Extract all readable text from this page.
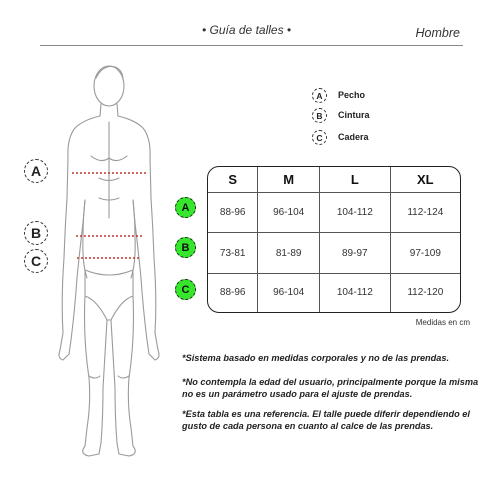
• Guía de talles •	Hombre
A
B
C
A	Pecho
B	Cintura
C	Cadera
A
B
C
S	M	L	XL
88-96	96-104	104-112	112-124
73-81	81-89	89-97	97-109
88-96	96-104	104-112	112-120
Medidas en cm
*Sistema basado en medidas corporales y no de las prendas.
*No contempla la edad del usuario, principalmente porque la misma no es un parámetro usado para el ajuste de prendas.
*Esta tabla es una referencia. El talle puede diferir dependiendo el gusto de cada persona en cuanto al calce de las prendas.
